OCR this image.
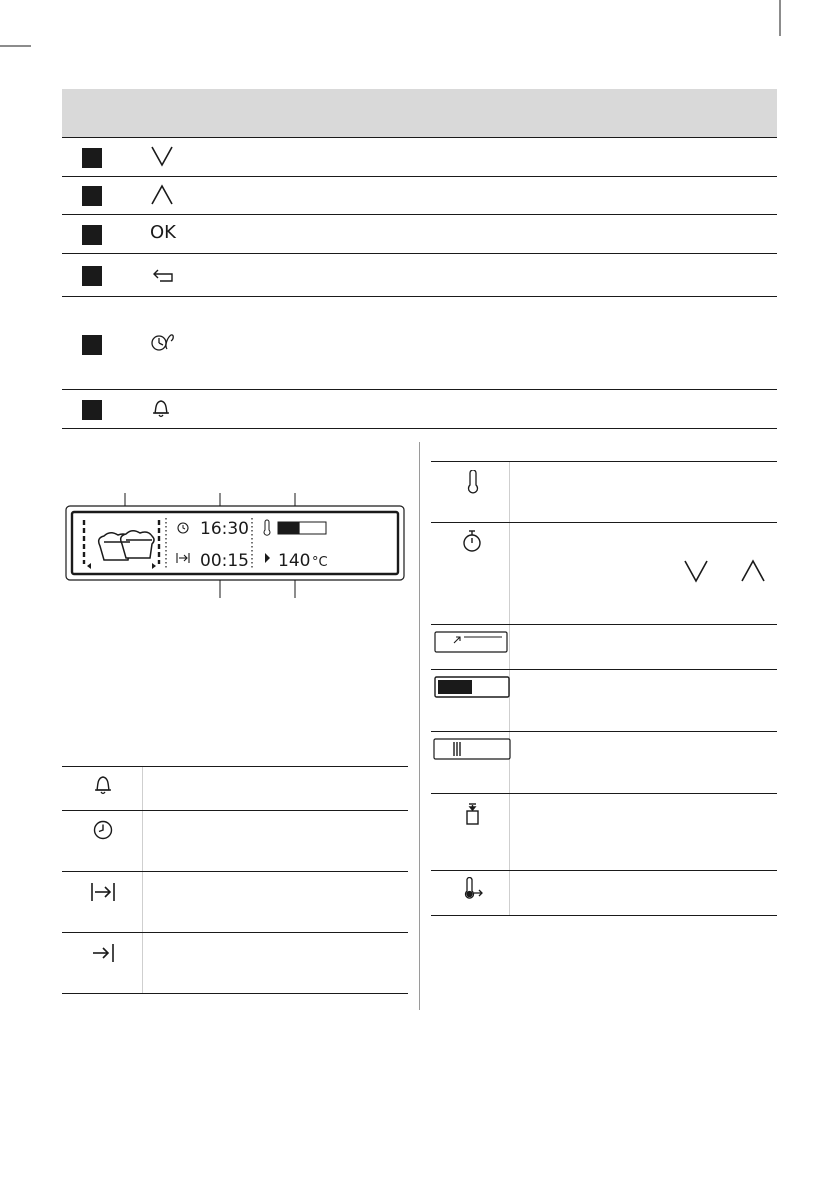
OK
16:30
00:15 140 °C
